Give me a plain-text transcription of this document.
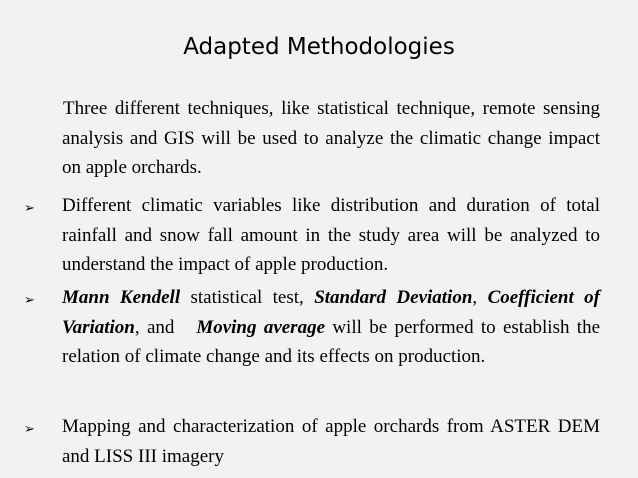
Adapted Methodologies
Three different techniques, like statistical technique, remote sensing analysis and GIS will be used to analyze the climatic change impact on apple orchards.
➢ Different climatic variables like distribution and duration of total rainfall and snow fall amount in the study area will be analyzed to understand the impact of apple production.
➢ Mann Kendell statistical test, Standard Deviation, Coefficient of Variation, and   Moving average will be performed to establish the relation of climate change and its effects on production.
➢ Mapping and characterization of apple orchards from ASTER DEM and LISS III imagery
